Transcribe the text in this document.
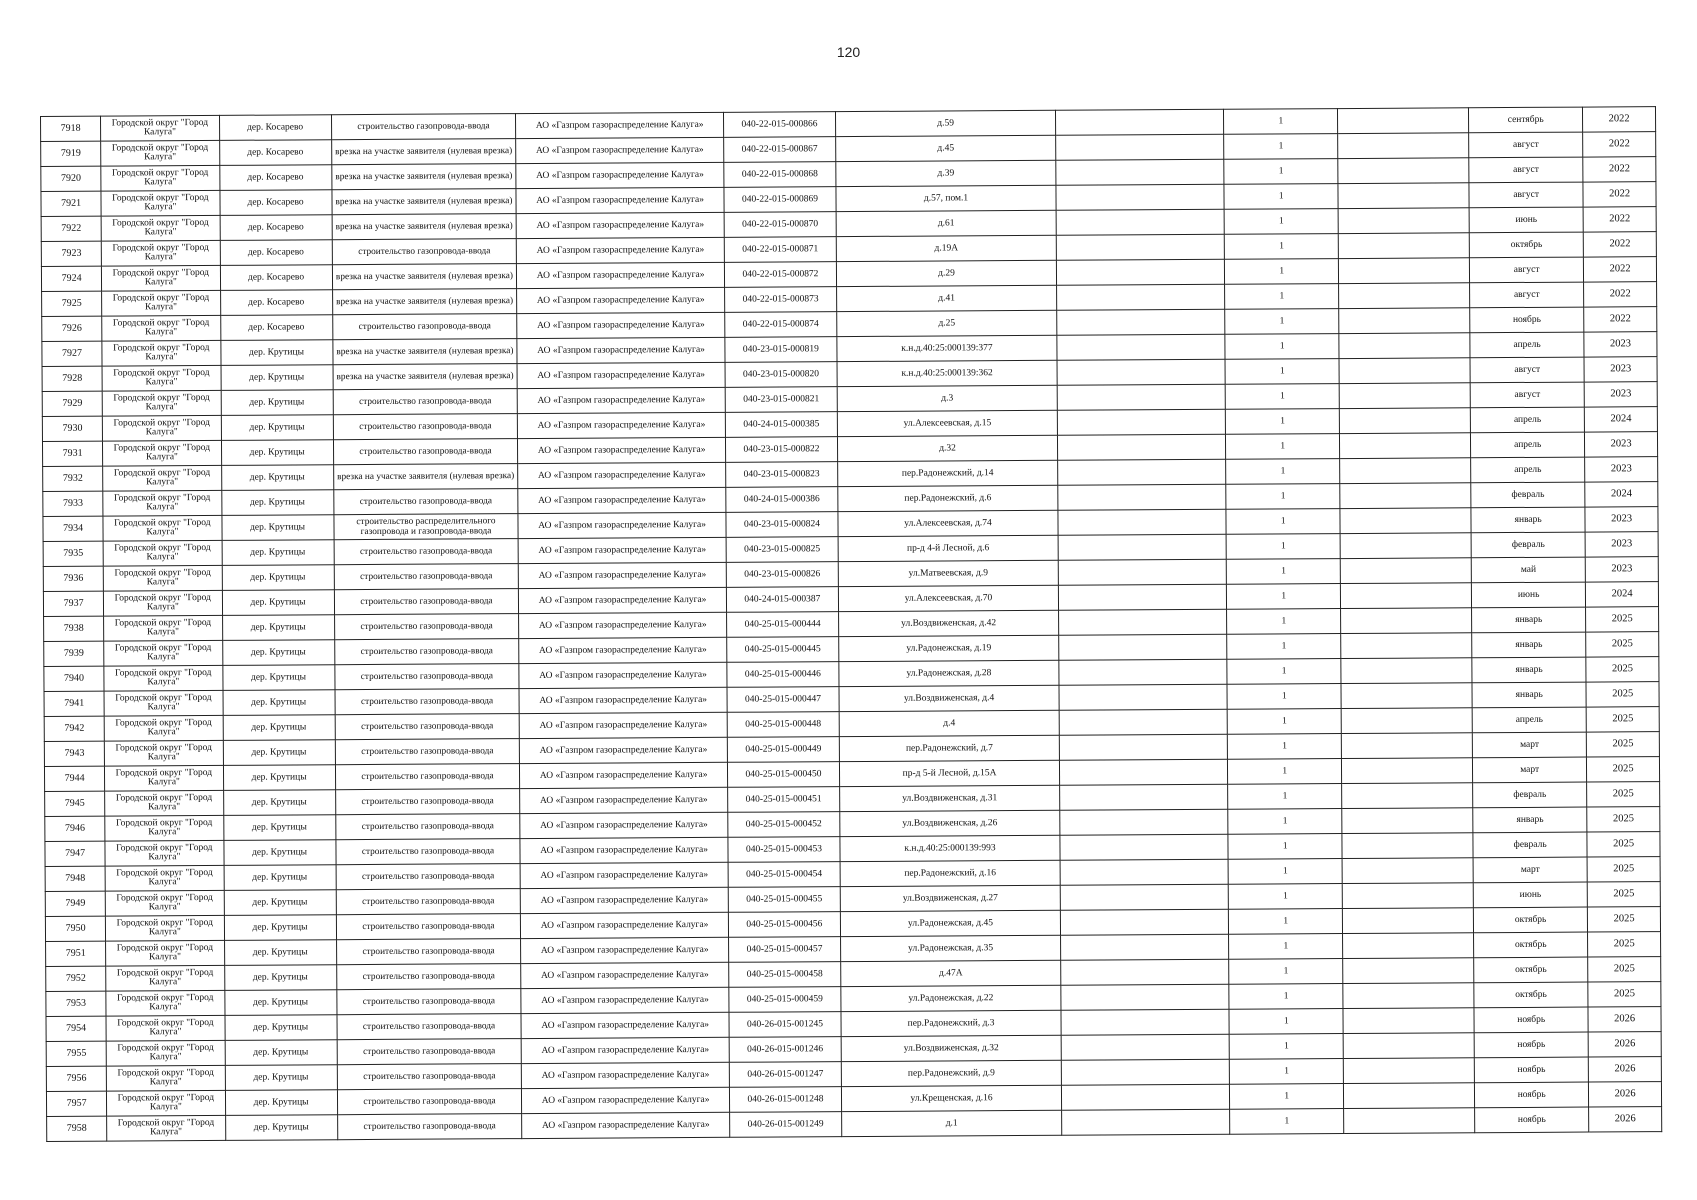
120
7918	Городской округ "Город Калуга"	дер. Косарево	строительство газопровода-ввода	АО «Газпром газораспределение Калуга»	040-22-015-000866	д.59		1		сентябрь	2022
7919	Городской округ "Город Калуга"	дер. Косарево	врезка на участке заявителя (нулевая врезка)	АО «Газпром газораспределение Калуга»	040-22-015-000867	д.45		1		август	2022
7920	Городской округ "Город Калуга"	дер. Косарево	врезка на участке заявителя (нулевая врезка)	АО «Газпром газораспределение Калуга»	040-22-015-000868	д.39		1		август	2022
7921	Городской округ "Город Калуга"	дер. Косарево	врезка на участке заявителя (нулевая врезка)	АО «Газпром газораспределение Калуга»	040-22-015-000869	д.57, пом.1		1		август	2022
7922	Городской округ "Город Калуга"	дер. Косарево	врезка на участке заявителя (нулевая врезка)	АО «Газпром газораспределение Калуга»	040-22-015-000870	д.61		1		июнь	2022
7923	Городской округ "Город Калуга"	дер. Косарево	строительство газопровода-ввода	АО «Газпром газораспределение Калуга»	040-22-015-000871	д.19А		1		октябрь	2022
7924	Городской округ "Город Калуга"	дер. Косарево	врезка на участке заявителя (нулевая врезка)	АО «Газпром газораспределение Калуга»	040-22-015-000872	д.29		1		август	2022
7925	Городской округ "Город Калуга"	дер. Косарево	врезка на участке заявителя (нулевая врезка)	АО «Газпром газораспределение Калуга»	040-22-015-000873	д.41		1		август	2022
7926	Городской округ "Город Калуга"	дер. Косарево	строительство газопровода-ввода	АО «Газпром газораспределение Калуга»	040-22-015-000874	д.25		1		ноябрь	2022
7927	Городской округ "Город Калуга"	дер. Крутицы	врезка на участке заявителя (нулевая врезка)	АО «Газпром газораспределение Калуга»	040-23-015-000819	к.н.д.40:25:000139:377		1		апрель	2023
7928	Городской округ "Город Калуга"	дер. Крутицы	врезка на участке заявителя (нулевая врезка)	АО «Газпром газораспределение Калуга»	040-23-015-000820	к.н.д.40:25:000139:362		1		август	2023
7929	Городской округ "Город Калуга"	дер. Крутицы	строительство газопровода-ввода	АО «Газпром газораспределение Калуга»	040-23-015-000821	д.3		1		август	2023
7930	Городской округ "Город Калуга"	дер. Крутицы	строительство газопровода-ввода	АО «Газпром газораспределение Калуга»	040-24-015-000385	ул.Алексеевская, д.15		1		апрель	2024
7931	Городской округ "Город Калуга"	дер. Крутицы	строительство газопровода-ввода	АО «Газпром газораспределение Калуга»	040-23-015-000822	д.32		1		апрель	2023
7932	Городской округ "Город Калуга"	дер. Крутицы	врезка на участке заявителя (нулевая врезка)	АО «Газпром газораспределение Калуга»	040-23-015-000823	пер.Радонежский, д.14		1		апрель	2023
7933	Городской округ "Город Калуга"	дер. Крутицы	строительство газопровода-ввода	АО «Газпром газораспределение Калуга»	040-24-015-000386	пер.Радонежский, д.6		1		февраль	2024
7934	Городской округ "Город Калуга"	дер. Крутицы	строительство распределительного газопровода и газопровода-ввода	АО «Газпром газораспределение Калуга»	040-23-015-000824	ул.Алексеевская, д.74		1		январь	2023
7935	Городской округ "Город Калуга"	дер. Крутицы	строительство газопровода-ввода	АО «Газпром газораспределение Калуга»	040-23-015-000825	пр-д 4-й Лесной, д.6		1		февраль	2023
7936	Городской округ "Город Калуга"	дер. Крутицы	строительство газопровода-ввода	АО «Газпром газораспределение Калуга»	040-23-015-000826	ул.Матвеевская, д.9		1		май	2023
7937	Городской округ "Город Калуга"	дер. Крутицы	строительство газопровода-ввода	АО «Газпром газораспределение Калуга»	040-24-015-000387	ул.Алексеевская, д.70		1		июнь	2024
7938	Городской округ "Город Калуга"	дер. Крутицы	строительство газопровода-ввода	АО «Газпром газораспределение Калуга»	040-25-015-000444	ул.Воздвиженская, д.42		1		январь	2025
7939	Городской округ "Город Калуга"	дер. Крутицы	строительство газопровода-ввода	АО «Газпром газораспределение Калуга»	040-25-015-000445	ул.Радонежская, д.19		1		январь	2025
7940	Городской округ "Город Калуга"	дер. Крутицы	строительство газопровода-ввода	АО «Газпром газораспределение Калуга»	040-25-015-000446	ул.Радонежская, д.28		1		январь	2025
7941	Городской округ "Город Калуга"	дер. Крутицы	строительство газопровода-ввода	АО «Газпром газораспределение Калуга»	040-25-015-000447	ул.Воздвиженская, д.4		1		январь	2025
7942	Городской округ "Город Калуга"	дер. Крутицы	строительство газопровода-ввода	АО «Газпром газораспределение Калуга»	040-25-015-000448	д.4		1		апрель	2025
7943	Городской округ "Город Калуга"	дер. Крутицы	строительство газопровода-ввода	АО «Газпром газораспределение Калуга»	040-25-015-000449	пер.Радонежский, д.7		1		март	2025
7944	Городской округ "Город Калуга"	дер. Крутицы	строительство газопровода-ввода	АО «Газпром газораспределение Калуга»	040-25-015-000450	пр-д 5-й Лесной, д.15А		1		март	2025
7945	Городской округ "Город Калуга"	дер. Крутицы	строительство газопровода-ввода	АО «Газпром газораспределение Калуга»	040-25-015-000451	ул.Воздвиженская, д.31		1		февраль	2025
7946	Городской округ "Город Калуга"	дер. Крутицы	строительство газопровода-ввода	АО «Газпром газораспределение Калуга»	040-25-015-000452	ул.Воздвиженская, д.26		1		январь	2025
7947	Городской округ "Город Калуга"	дер. Крутицы	строительство газопровода-ввода	АО «Газпром газораспределение Калуга»	040-25-015-000453	к.н.д.40:25:000139:993		1		февраль	2025
7948	Городской округ "Город Калуга"	дер. Крутицы	строительство газопровода-ввода	АО «Газпром газораспределение Калуга»	040-25-015-000454	пер.Радонежский, д.16		1		март	2025
7949	Городской округ "Город Калуга"	дер. Крутицы	строительство газопровода-ввода	АО «Газпром газораспределение Калуга»	040-25-015-000455	ул.Воздвиженская, д.27		1		июнь	2025
7950	Городской округ "Город Калуга"	дер. Крутицы	строительство газопровода-ввода	АО «Газпром газораспределение Калуга»	040-25-015-000456	ул.Радонежская, д.45		1		октябрь	2025
7951	Городской округ "Город Калуга"	дер. Крутицы	строительство газопровода-ввода	АО «Газпром газораспределение Калуга»	040-25-015-000457	ул.Радонежская, д.35		1		октябрь	2025
7952	Городской округ "Город Калуга"	дер. Крутицы	строительство газопровода-ввода	АО «Газпром газораспределение Калуга»	040-25-015-000458	д.47А		1		октябрь	2025
7953	Городской округ "Город Калуга"	дер. Крутицы	строительство газопровода-ввода	АО «Газпром газораспределение Калуга»	040-25-015-000459	ул.Радонежская, д.22		1		октябрь	2025
7954	Городской округ "Город Калуга"	дер. Крутицы	строительство газопровода-ввода	АО «Газпром газораспределение Калуга»	040-26-015-001245	пер.Радонежский, д.3		1		ноябрь	2026
7955	Городской округ "Город Калуга"	дер. Крутицы	строительство газопровода-ввода	АО «Газпром газораспределение Калуга»	040-26-015-001246	ул.Воздвиженская, д.32		1		ноябрь	2026
7956	Городской округ "Город Калуга"	дер. Крутицы	строительство газопровода-ввода	АО «Газпром газораспределение Калуга»	040-26-015-001247	пер.Радонежский, д.9		1		ноябрь	2026
7957	Городской округ "Город Калуга"	дер. Крутицы	строительство газопровода-ввода	АО «Газпром газораспределение Калуга»	040-26-015-001248	ул.Крещенская, д.16		1		ноябрь	2026
7958	Городской округ "Город Калуга"	дер. Крутицы	строительство газопровода-ввода	АО «Газпром газораспределение Калуга»	040-26-015-001249	д.1		1		ноябрь	2026
